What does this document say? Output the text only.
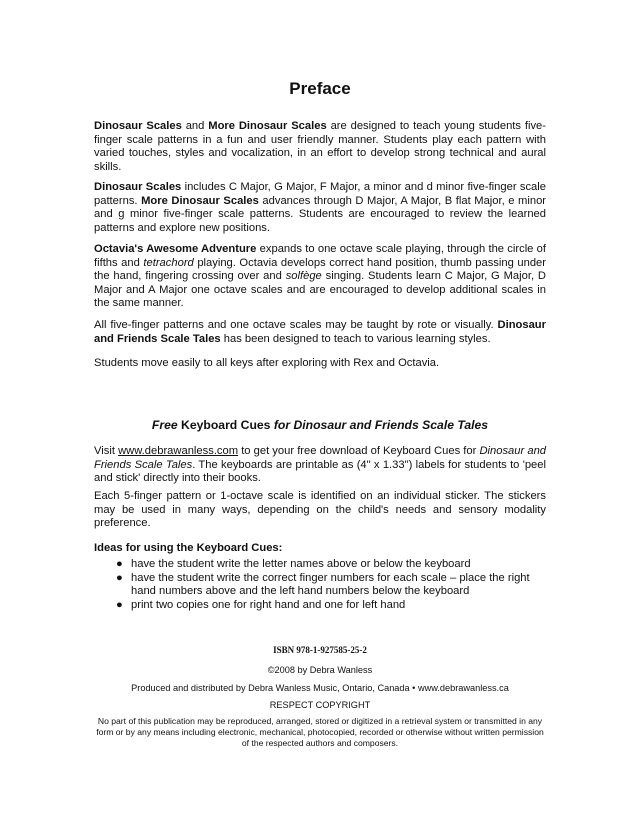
Preface

Dinosaur Scales and More Dinosaur Scales are designed to teach young students five-finger scale patterns in a fun and user friendly manner. Students play each pattern with varied touches, styles and vocalization, in an effort to develop strong technical and aural skills.

Dinosaur Scales includes C Major, G Major, F Major, a minor and d minor five-finger scale patterns. More Dinosaur Scales advances through D Major, A Major, B flat Major, e minor and g minor five-finger scale patterns. Students are encouraged to review the learned patterns and explore new positions.

Octavia's Awesome Adventure expands to one octave scale playing, through the circle of fifths and tetrachord playing. Octavia develops correct hand position, thumb passing under the hand, fingering crossing over and solfège singing. Students learn C Major, G Major, D Major and A Major one octave scales and are encouraged to develop additional scales in the same manner.

All five-finger patterns and one octave scales may be taught by rote or visually. Dinosaur and Friends Scale Tales has been designed to teach to various learning styles.

Students move easily to all keys after exploring with Rex and Octavia.

Free Keyboard Cues for Dinosaur and Friends Scale Tales

Visit www.debrawanless.com to get your free download of Keyboard Cues for Dinosaur and Friends Scale Tales. The keyboards are printable as (4" x 1.33") labels for students to 'peel and stick' directly into their books.

Each 5-finger pattern or 1-octave scale is identified on an individual sticker. The stickers may be used in many ways, depending on the child's needs and sensory modality preference.

Ideas for using the Keyboard Cues:

● have the student write the letter names above or below the keyboard
● have the student write the correct finger numbers for each scale – place the right hand numbers above and the left hand numbers below the keyboard
● print two copies one for right hand and one for left hand

ISBN 978-1-927585-25-2

©2008 by Debra Wanless

Produced and distributed by Debra Wanless Music, Ontario, Canada • www.debrawanless.ca

RESPECT COPYRIGHT

No part of this publication may be reproduced, arranged, stored or digitized in a retrieval system or transmitted in any form or by any means including electronic, mechanical, photocopied, recorded or otherwise without written permission of the respected authors and composers.
